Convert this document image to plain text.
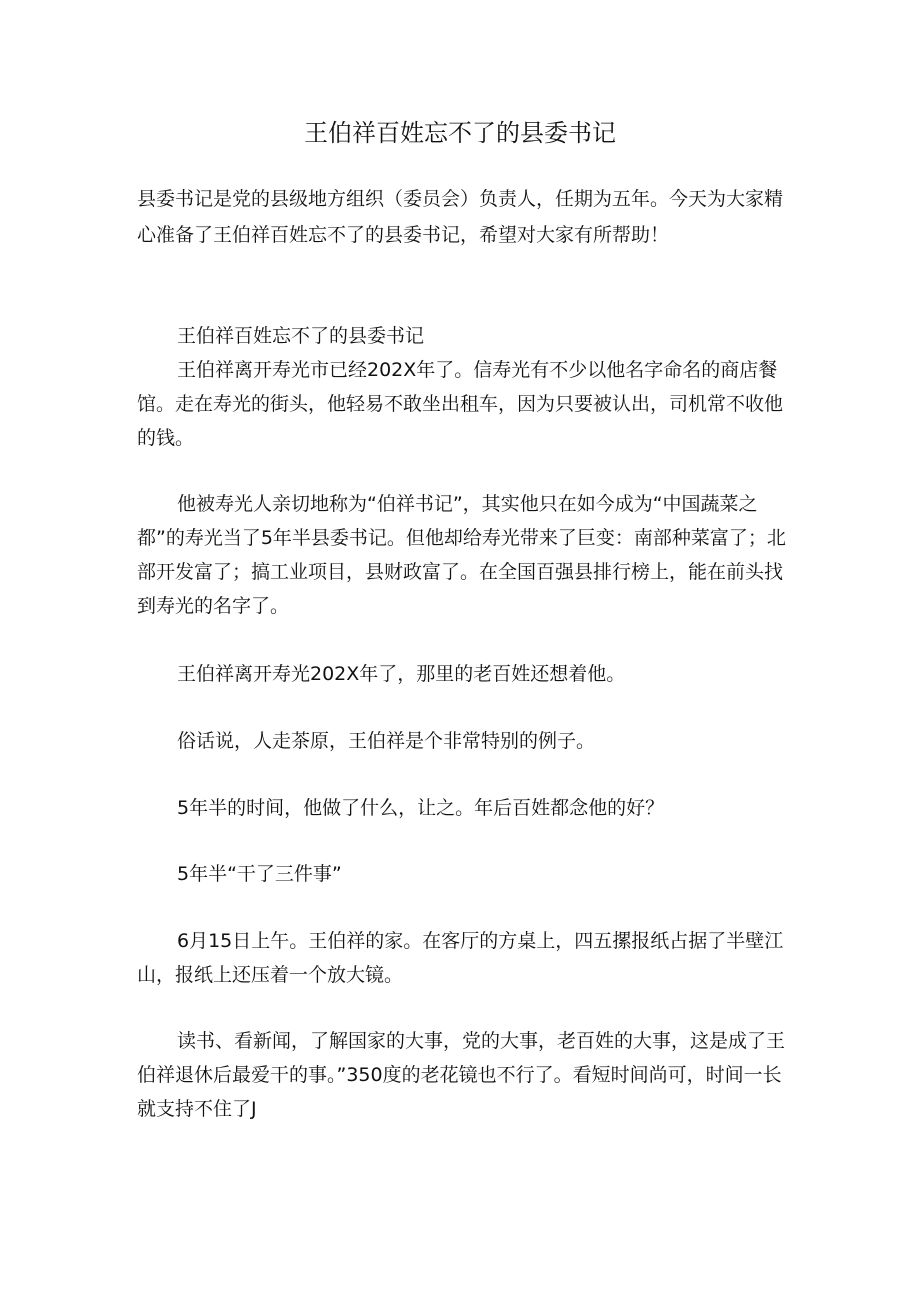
王伯祥百姓忘不了的县委书记

县委书记是党的县级地方组织（委员会）负责人，任期为五年。今天为大家精心准备了王伯祥百姓忘不了的县委书记，希望对大家有所帮助！

王伯祥百姓忘不了的县委书记

王伯祥离开寿光市已经202X年了。信寿光有不少以他名字命名的商店餐馆。走在寿光的街头，他轻易不敢坐出租车，因为只要被认出，司机常不收他的钱。

他被寿光人亲切地称为“伯祥书记”，其实他只在如今成为“中国蔬菜之都”的寿光当了5年半县委书记。但他却给寿光带来了巨变：南部种菜富了；北部开发富了；搞工业项目，县财政富了。在全国百强县排行榜上，能在前头找到寿光的名字了。

王伯祥离开寿光202X年了，那里的老百姓还想着他。

俗话说，人走茶原，王伯祥是个非常特别的例子。

5年半的时间，他做了什么，让之。年后百姓都念他的好？

5年半“干了三件事”

6月15日上午。王伯祥的家。在客厅的方桌上，四五摞报纸占据了半壁江山，报纸上还压着一个放大镜。

读书、看新闻，了解国家的大事，党的大事，老百姓的大事，这是成了王伯祥退休后最爱干的事。”350度的老花镜也不行了。看短时间尚可，时间一长就支持不住了J
